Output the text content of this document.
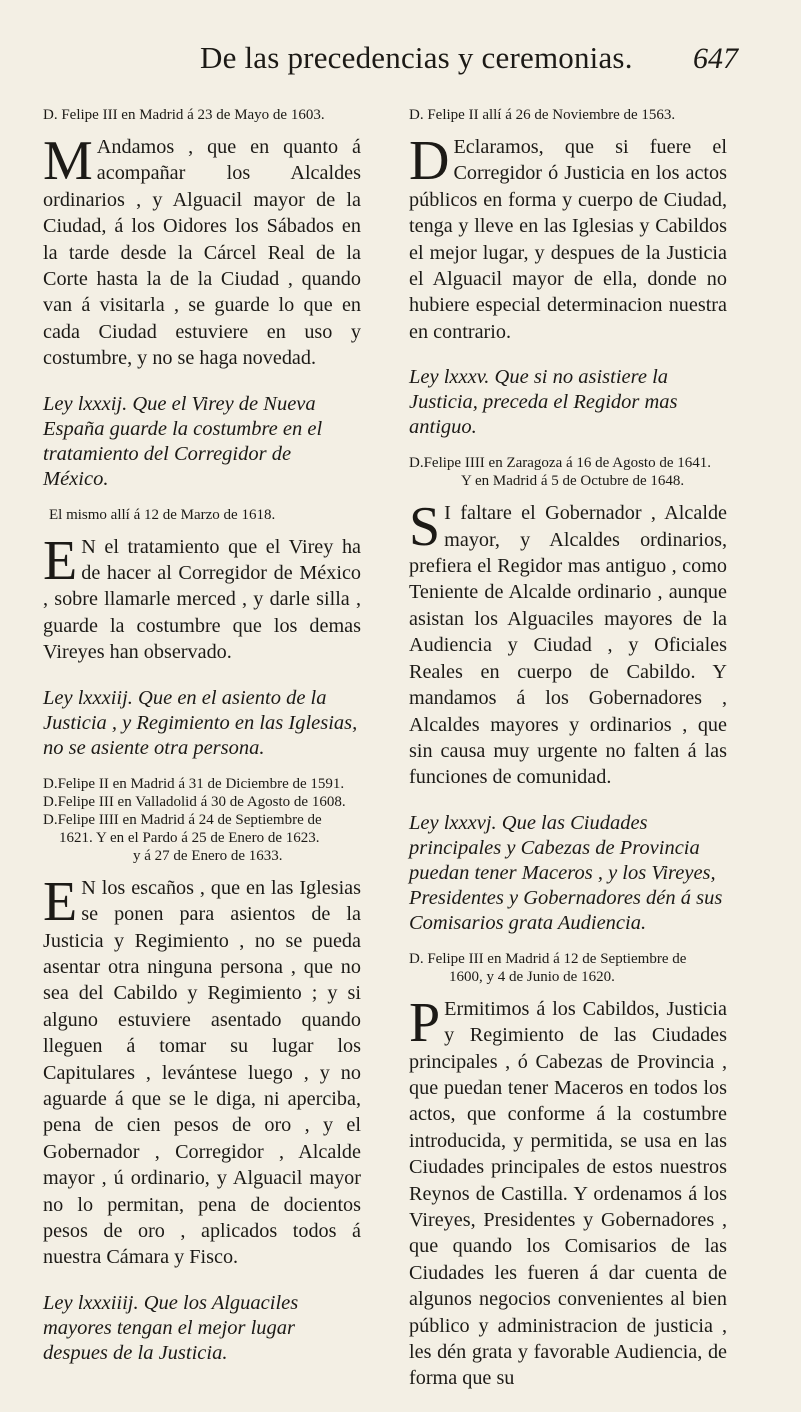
De las precedencias y ceremonias. 647
D. Felipe III en Madrid á 23 de Mayo de 1603.

M Andamos , que en quanto á acompañar los Alcaldes ordinarios , y Alguacil mayor de la Ciudad, á los Oidores los Sábados en la tarde desde la Cárcel Real de la Corte hasta la de la Ciudad , quando van á visitarla , se guarde lo que en cada Ciudad estuviere en uso y costumbre, y no se haga novedad.

Ley lxxxij. Que el Virey de Nueva España guarde la costumbre en el tratamiento del Corregidor de México.

El mismo allí á 12 de Marzo de 1618.

E N el tratamiento que el Virey ha de hacer al Corregidor de México , sobre llamarle merced , y darle silla , guarde la costumbre que los demas Vireyes han observado.

Ley lxxxiij. Que en el asiento de la Justicia , y Regimiento en las Iglesias, no se asiente otra persona.

D.Felipe II en Madrid á 31 de Diciembre de 1591.
D.Felipe III en Valladolid á 30 de Agosto de 1608.
D.Felipe IIII en Madrid á 24 de Septiembre de
1621. Y en el Pardo á 25 de Enero de 1623.
y á 27 de Enero de 1633.

E N los escaños , que en las Iglesias se ponen para asientos de la Justicia y Regimiento , no se pueda asentar otra ninguna persona , que no sea del Cabildo y Regimiento ; y si alguno estuviere asentado quando lleguen á tomar su lugar los Capitulares , levántese luego , y no aguarde á que se le diga, ni aperciba, pena de cien pesos de oro , y el Gobernador , Corregidor , Alcalde mayor , ú ordinario, y Alguacil mayor no lo permitan, pena de docientos pesos de oro , aplicados todos á nuestra Cámara y Fisco.

Ley lxxxiiij. Que los Alguaciles mayores tengan el mejor lugar despues de la Justicia.

D. Felipe II allí á 26 de Noviembre de 1563.

D Eclaramos, que si fuere el Corregidor ó Justicia en los actos públicos en forma y cuerpo de Ciudad, tenga y lleve en las Iglesias y Cabildos el mejor lugar, y despues de la Justicia el Alguacil mayor de ella, donde no hubiere especial determinacion nuestra en contrario.

Ley lxxxv. Que si no asistiere la Justicia, preceda el Regidor mas antiguo.

D.Felipe IIII en Zaragoza á 16 de Agosto de 1641.
Y en Madrid á 5 de Octubre de 1648.

S I faltare el Gobernador , Alcalde mayor, y Alcaldes ordinarios, prefiera el Regidor mas antiguo , como Teniente de Alcalde ordinario , aunque asistan los Alguaciles mayores de la Audiencia y Ciudad , y Oficiales Reales en cuerpo de Cabildo. Y mandamos á los Gobernadores , Alcaldes mayores y ordinarios , que sin causa muy urgente no falten á las funciones de comunidad.

Ley lxxxvj. Que las Ciudades principales y Cabezas de Provincia puedan tener Maceros , y los Vireyes, Presidentes y Gobernadores dén á sus Comisarios grata Audiencia.

D. Felipe III en Madrid á 12 de Septiembre de
1600, y 4 de Junio de 1620.

P Ermitimos á los Cabildos, Justicia y Regimiento de las Ciudades principales , ó Cabezas de Provincia , que puedan tener Maceros en todos los actos, que conforme á la costumbre introducida, y permitida, se usa en las Ciudades principales de estos nuestros Reynos de Castilla. Y ordenamos á los Vireyes, Presidentes y Gobernadores , que quando los Comisarios de las Ciudades les fueren á dar cuenta de algunos negocios convenientes al bien público y administracion de justicia , les dén grata y favorable Audiencia, de forma que su
